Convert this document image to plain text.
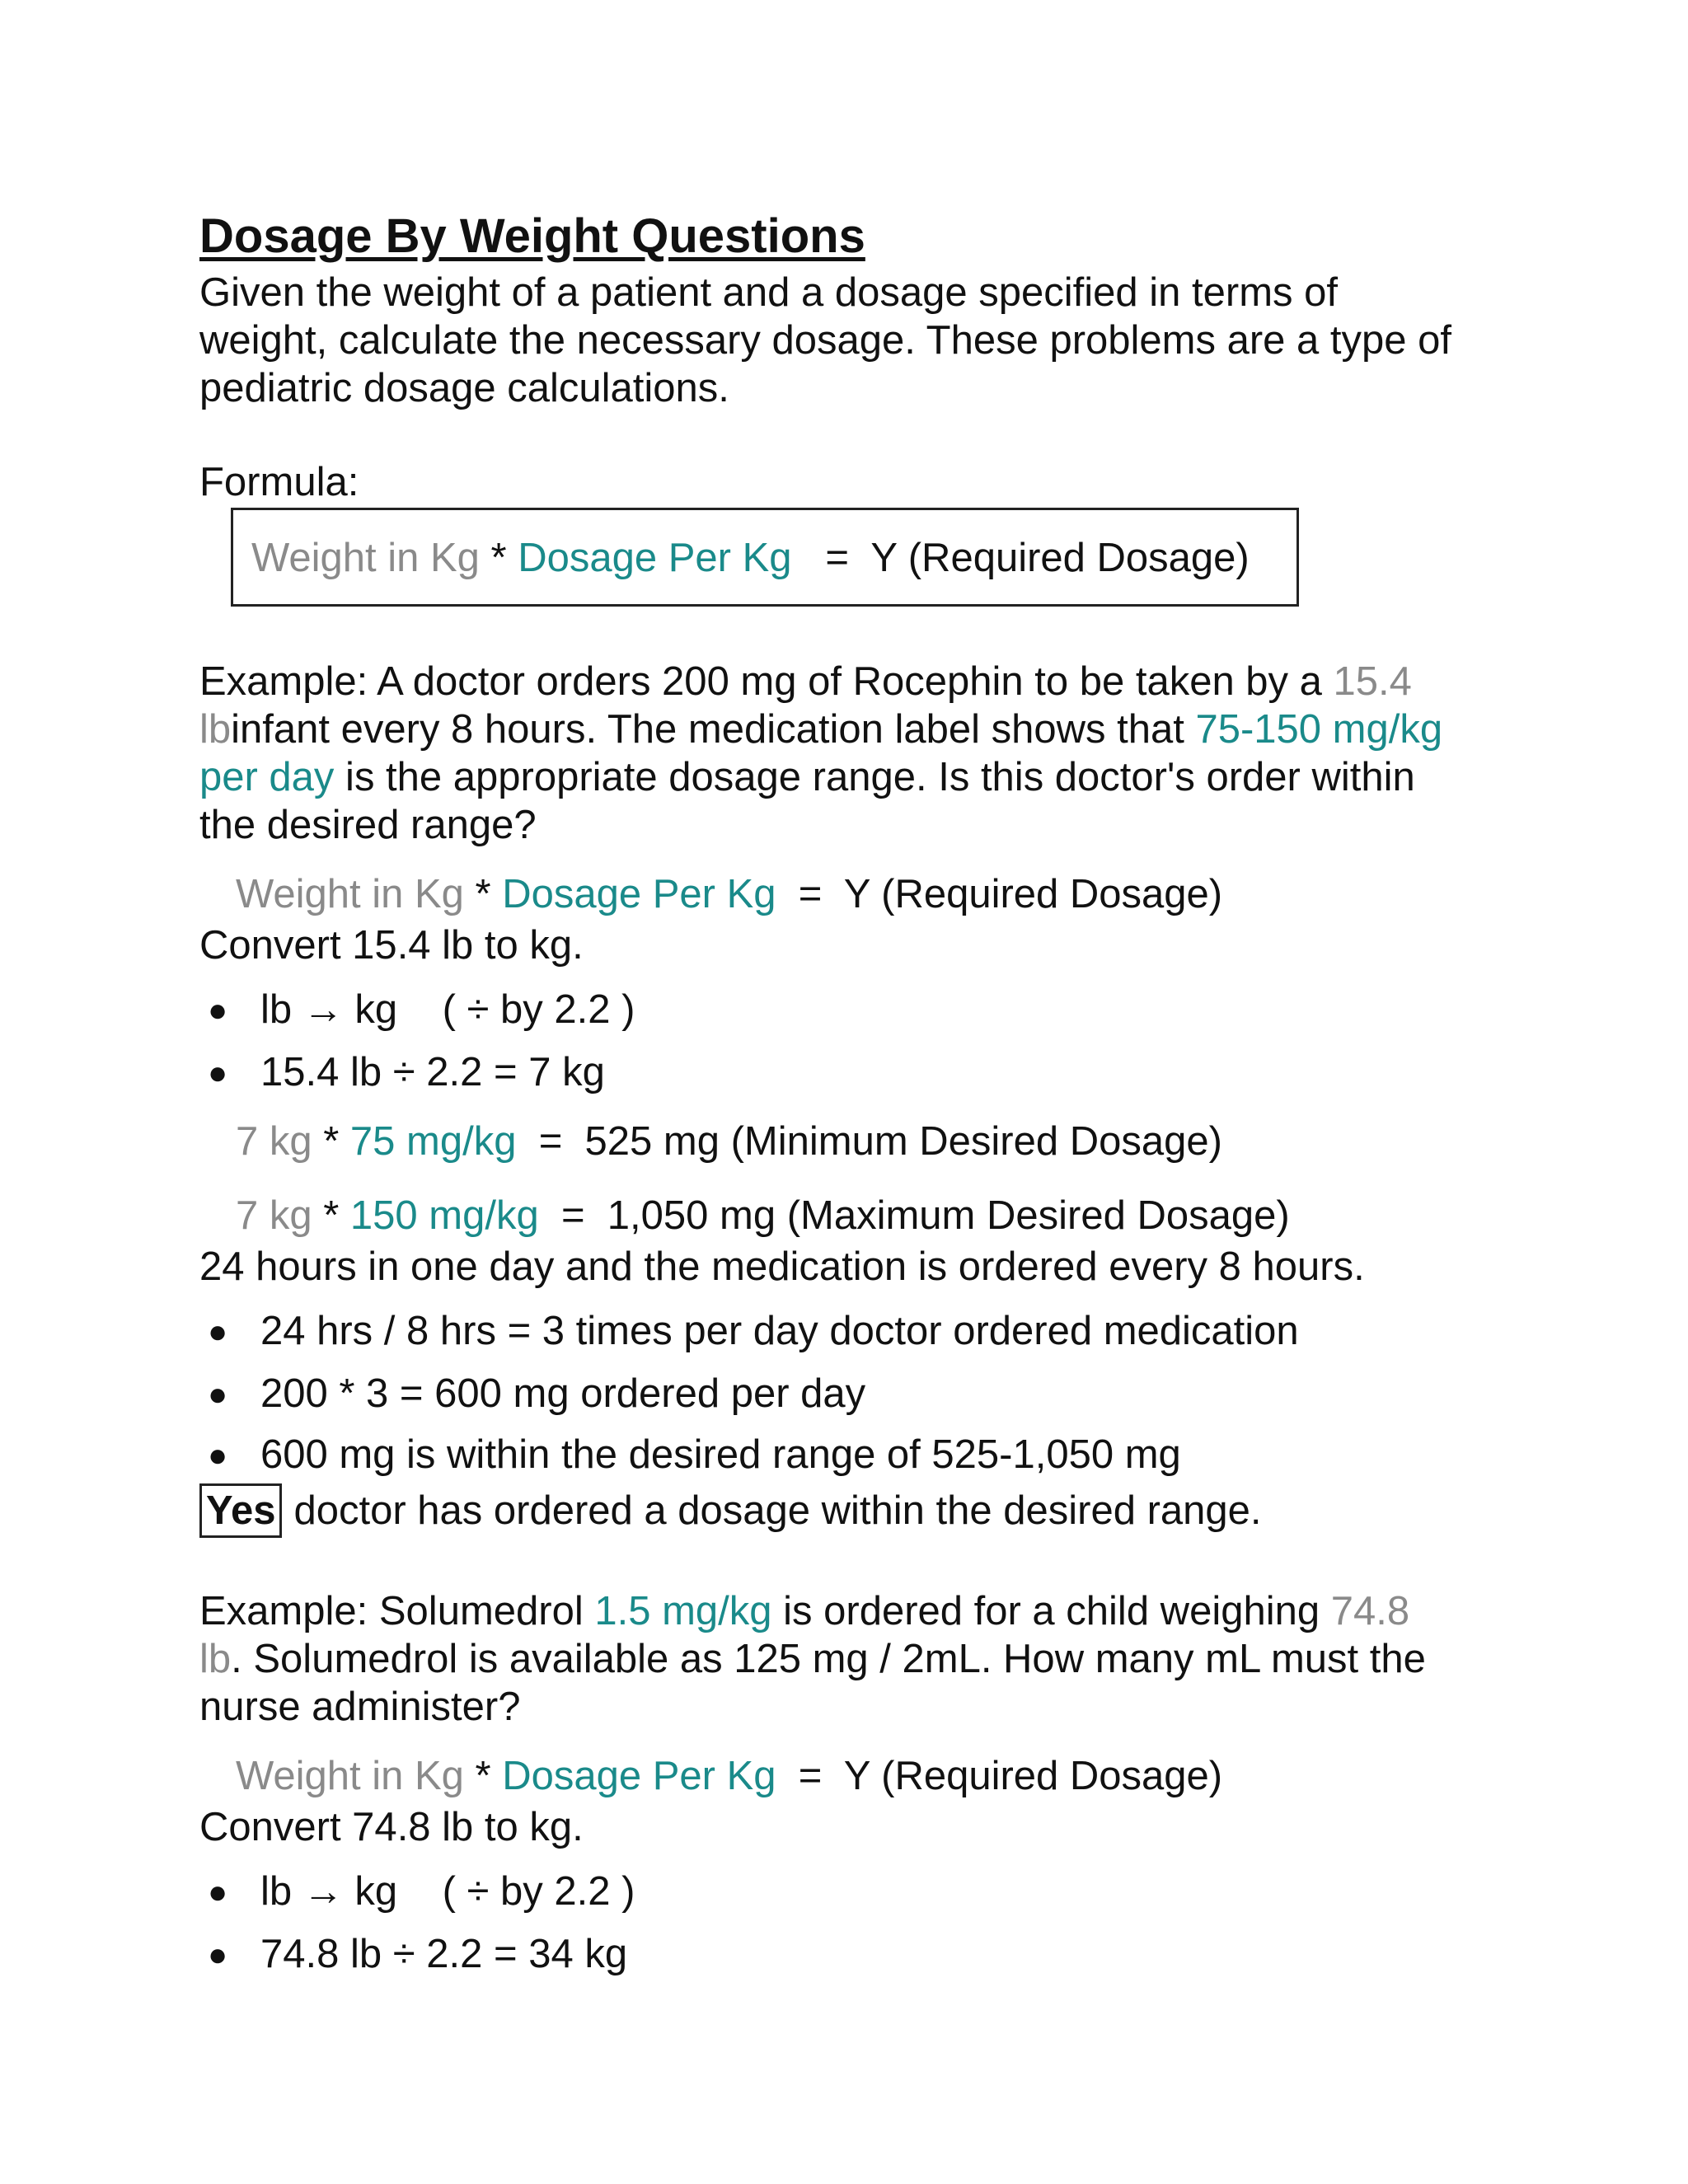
Dosage By Weight Questions
Given the weight of a patient and a dosage specified in terms of
weight, calculate the necessary dosage. These problems are a type of
pediatric dosage calculations.
Formula:
Weight in Kg * Dosage Per Kg   =  Y (Required Dosage)
Example: A doctor orders 200 mg of Rocephin to be taken by a 15.4
lbinfant every 8 hours. The medication label shows that 75-150 mg/kg
per day is the appropriate dosage range. Is this doctor's order within
the desired range?
Weight in Kg * Dosage Per Kg  =  Y (Required Dosage)
Convert 15.4 lb to kg.
● lb → kg    ( ÷ by 2.2 )
● 15.4 lb ÷ 2.2 = 7 kg
7 kg * 75 mg/kg  =  525 mg (Minimum Desired Dosage)
7 kg * 150 mg/kg  =  1,050 mg (Maximum Desired Dosage)
24 hours in one day and the medication is ordered every 8 hours.
● 24 hrs / 8 hrs = 3 times per day doctor ordered medication
● 200 * 3 = 600 mg ordered per day
● 600 mg is within the desired range of 525-1,050 mg
Yes doctor has ordered a dosage within the desired range.
Example: Solumedrol 1.5 mg/kg is ordered for a child weighing 74.8
lb. Solumedrol is available as 125 mg / 2mL. How many mL must the
nurse administer?
Weight in Kg * Dosage Per Kg  =  Y (Required Dosage)
Convert 74.8 lb to kg.
● lb → kg    ( ÷ by 2.2 )
● 74.8 lb ÷ 2.2 = 34 kg
